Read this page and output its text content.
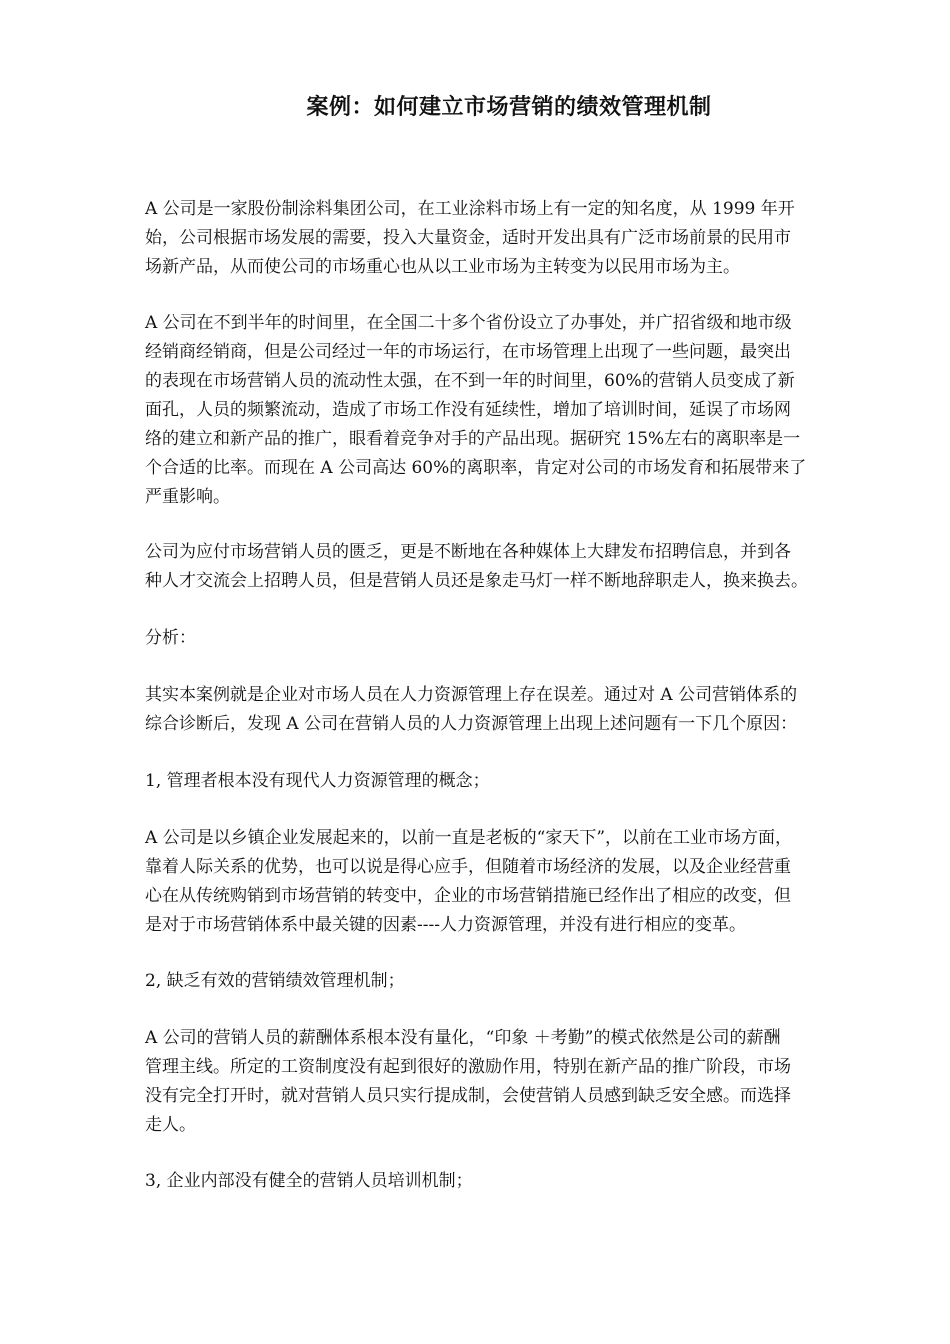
案例：如何建立市场营销的绩效管理机制

A 公司是一家股份制涂料集团公司，在工业涂料市场上有一定的知名度，从 1999 年开
始，公司根据市场发展的需要，投入大量资金，适时开发出具有广泛市场前景的民用市
场新产品，从而使公司的市场重心也从以工业市场为主转变为以民用市场为主。

A 公司在不到半年的时间里，在全国二十多个省份设立了办事处，并广招省级和地市级
经销商经销商，但是公司经过一年的市场运行，在市场管理上出现了一些问题，最突出
的表现在市场营销人员的流动性太强，在不到一年的时间里，60%的营销人员变成了新
面孔，人员的频繁流动，造成了市场工作没有延续性，增加了培训时间，延误了市场网
络的建立和新产品的推广，眼看着竞争对手的产品出现。据研究 15%左右的离职率是一
个合适的比率。而现在 A 公司高达 60%的离职率，肯定对公司的市场发育和拓展带来了
严重影响。

公司为应付市场营销人员的匮乏，更是不断地在各种媒体上大肆发布招聘信息，并到各
种人才交流会上招聘人员，但是营销人员还是象走马灯一样不断地辞职走人，换来换去。

分析：

其实本案例就是企业对市场人员在人力资源管理上存在误差。通过对 A 公司营销体系的
综合诊断后，发现 A 公司在营销人员的人力资源管理上出现上述问题有一下几个原因：

1, 管理者根本没有现代人力资源管理的概念；

A 公司是以乡镇企业发展起来的，以前一直是老板的“家天下”，以前在工业市场方面，
靠着人际关系的优势，也可以说是得心应手，但随着市场经济的发展，以及企业经营重
心在从传统购销到市场营销的转变中，企业的市场营销措施已经作出了相应的改变，但
是对于市场营销体系中最关键的因素----人力资源管理，并没有进行相应的变革。

2, 缺乏有效的营销绩效管理机制；

A 公司的营销人员的薪酬体系根本没有量化，“印象 ＋考勤”的模式依然是公司的薪酬
管理主线。所定的工资制度没有起到很好的激励作用，特别在新产品的推广阶段，市场
没有完全打开时，就对营销人员只实行提成制，会使营销人员感到缺乏安全感。而选择
走人。

3, 企业内部没有健全的营销人员培训机制；
